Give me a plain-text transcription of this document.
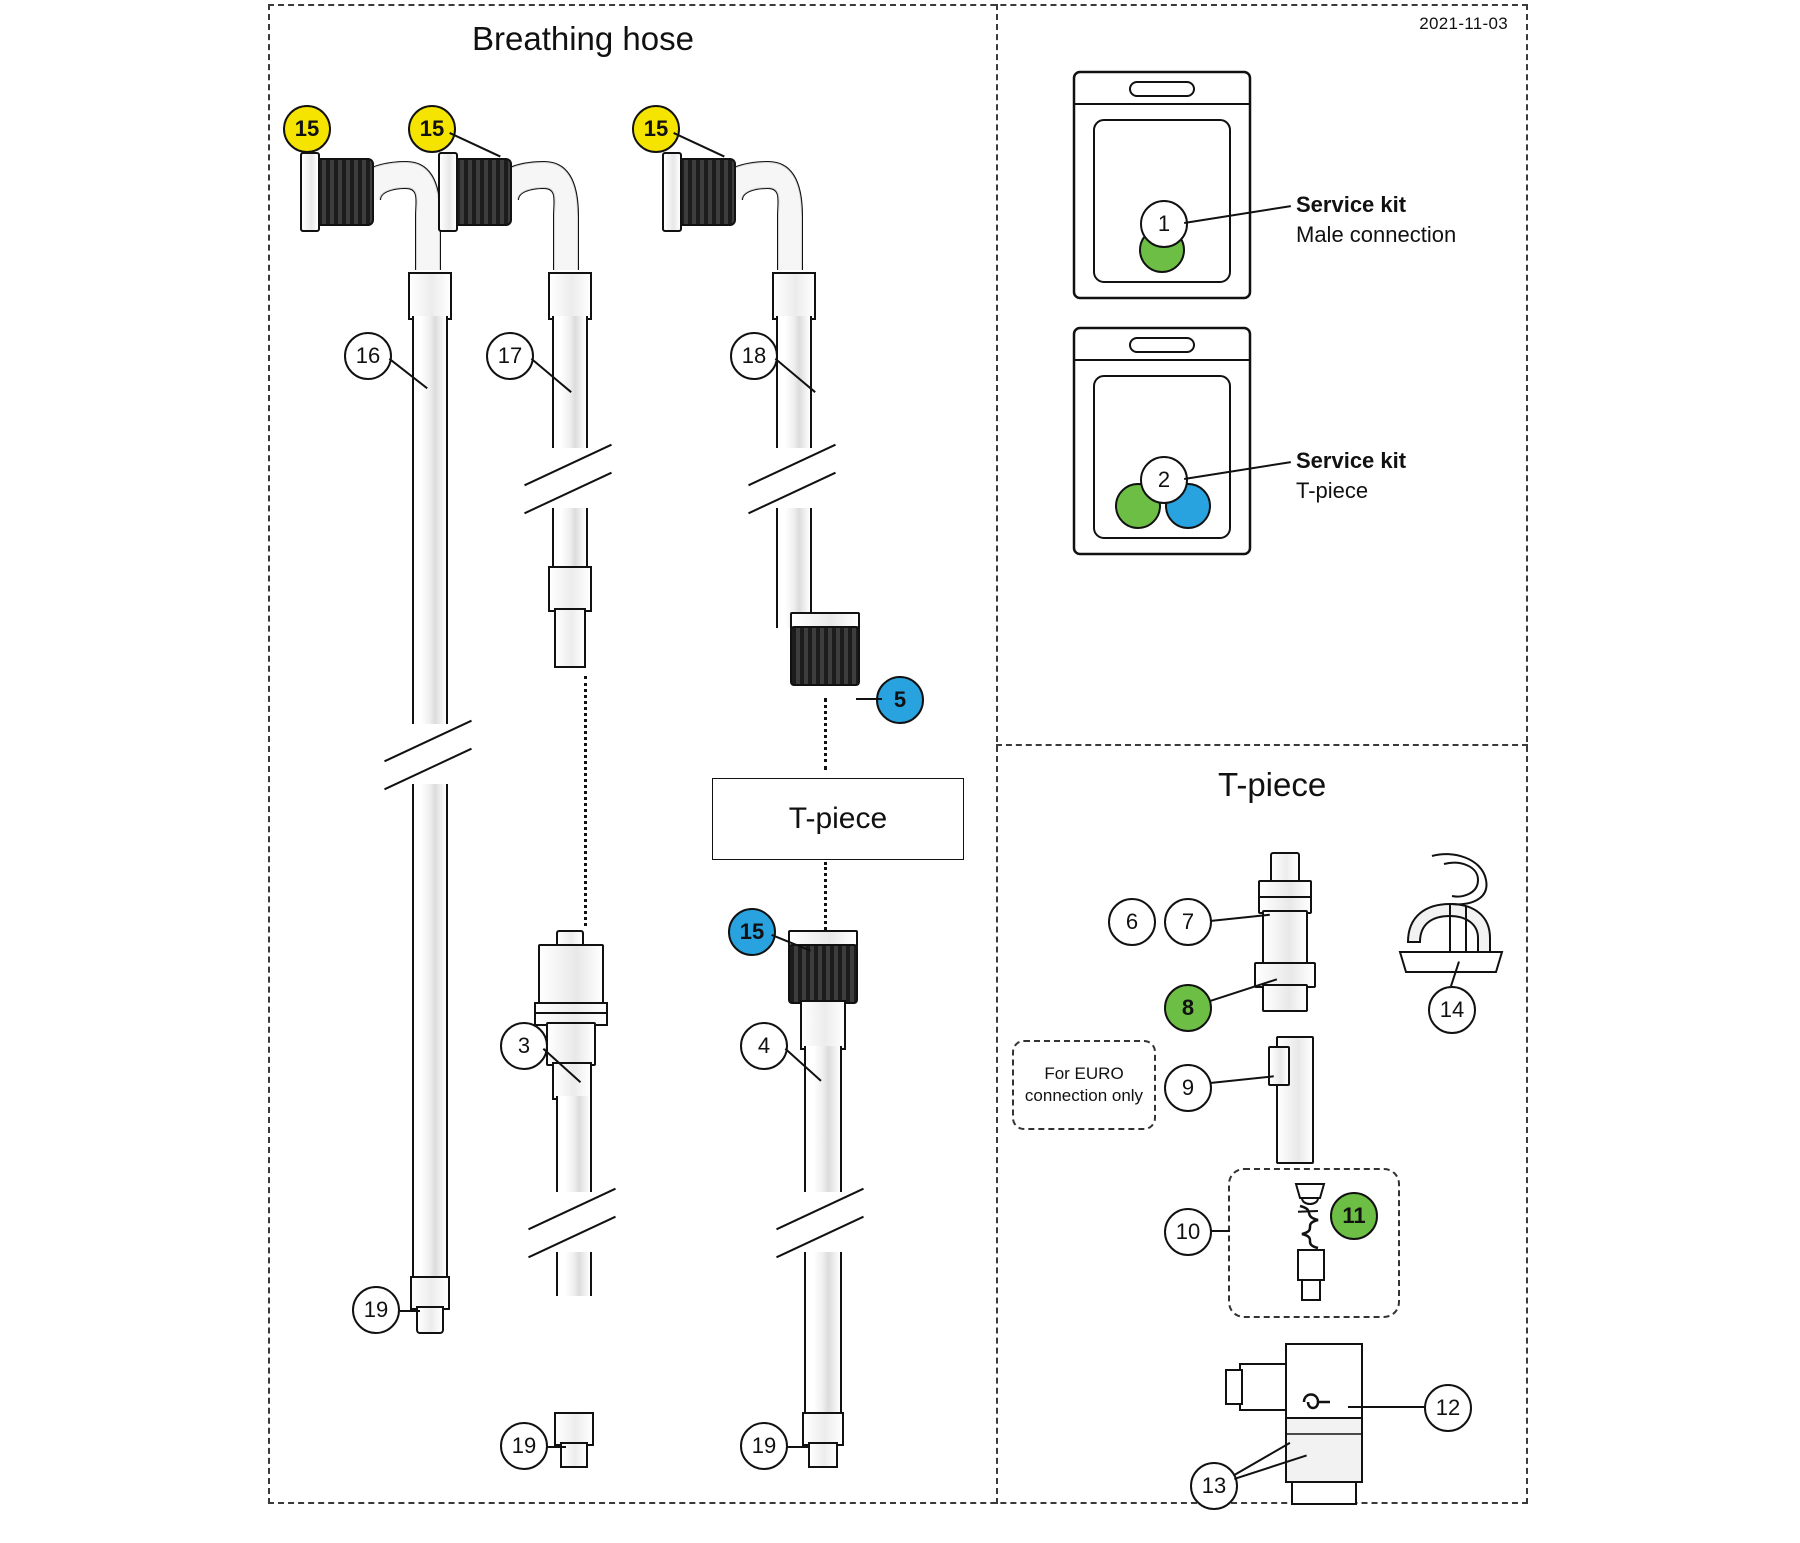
2021-11-03
Breathing hose
15
16
19
15
17
15
18
5
T-piece
3
19
15
4
19
1
Service kit
Male connection
2
Service kit
T-piece
T-piece
6	7
8	14
9
For EURO connection only
11
10
12
13
